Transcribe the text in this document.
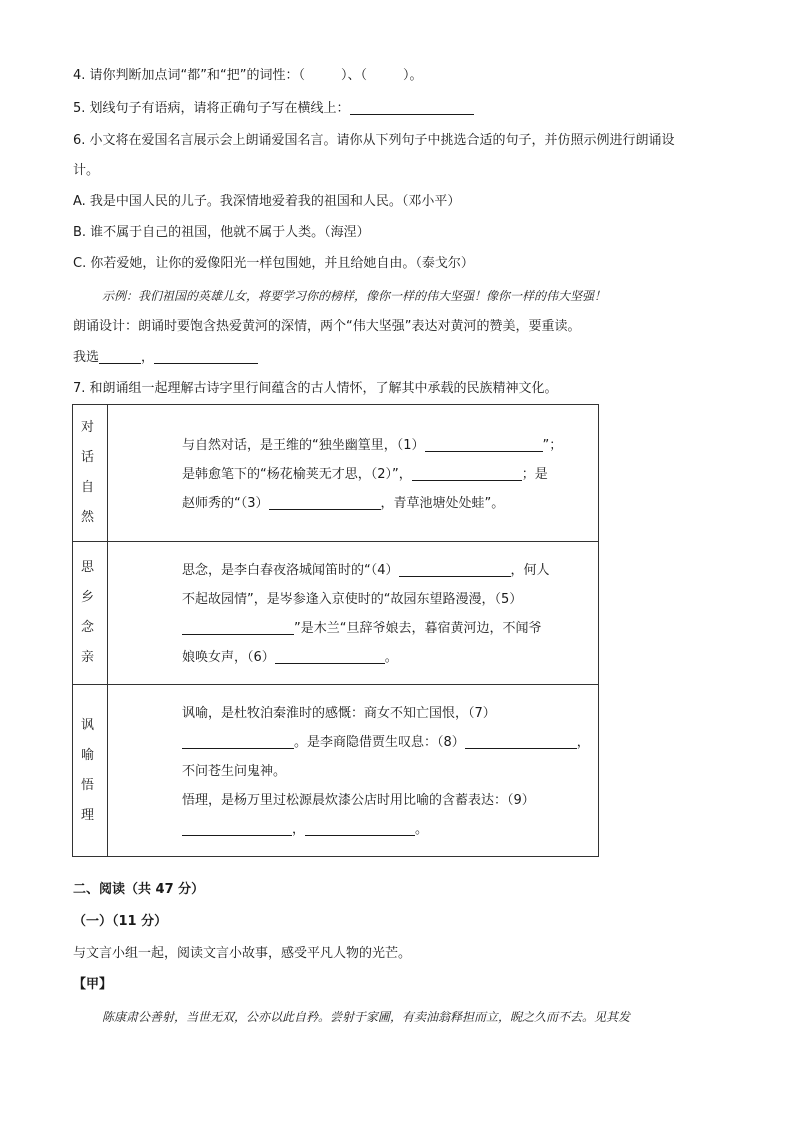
4. 请你判断加点词“都”和“把”的词性：（	）、（	）。
5. 划线句子有语病，请将正确句子写在横线上：
6. 小文将在爱国名言展示会上朗诵爱国名言。请你从下列句子中挑选合适的句子，并仿照示例进行朗诵设
计。
A. 我是中国人民的儿子。我深情地爱着我的祖国和人民。（邓小平）
B. 谁不属于自己的祖国，他就不属于人类。（海涅）
C. 你若爱她，让你的爱像阳光一样包围她，并且给她自由。（泰戈尔）
示例：我们祖国的英雄儿女，将要学习你的榜样，像你一样的伟大坚强！像你一样的伟大坚强！
朗诵设计：朗诵时要饱含热爱黄河的深情，两个“伟大坚强”表达对黄河的赞美，要重读。
我选	，
7. 和朗诵组一起理解古诗字里行间蕴含的古人情怀，了解其中承载的民族精神文化。
对话自然	与自然对话，是王维的“独坐幽篁里，（1） ”；
是韩愈笔下的“杨花榆荚无才思，（2）”， ；是
赵师秀的“（3） ，青草池塘处处蛙”。

思乡念亲	思念，是李白春夜洛城闻笛时的“（4） ，何人
不起故园情”，是岑参逢入京使时的“故园东望路漫漫，（5）
”是木兰“旦辞爷娘去，暮宿黄河边，不闻爷
娘唤女声，（6） 。

讽喻悟理	讽喻，是杜牧泊秦淮时的感慨：商女不知亡国恨，（7）
。是李商隐借贾生叹息：（8） ，
不问苍生问鬼神。
悟理，是杨万里过松源晨炊漆公店时用比喻的含蓄表达：（9）
， 。
二、阅读（共 47 分）
（一）（11 分）
与文言小组一起，阅读文言小故事，感受平凡人物的光芒。
【甲】
陈康肃公善射，当世无双，公亦以此自矜。尝射于家圃，有卖油翁释担而立，睨之久而不去。见其发
